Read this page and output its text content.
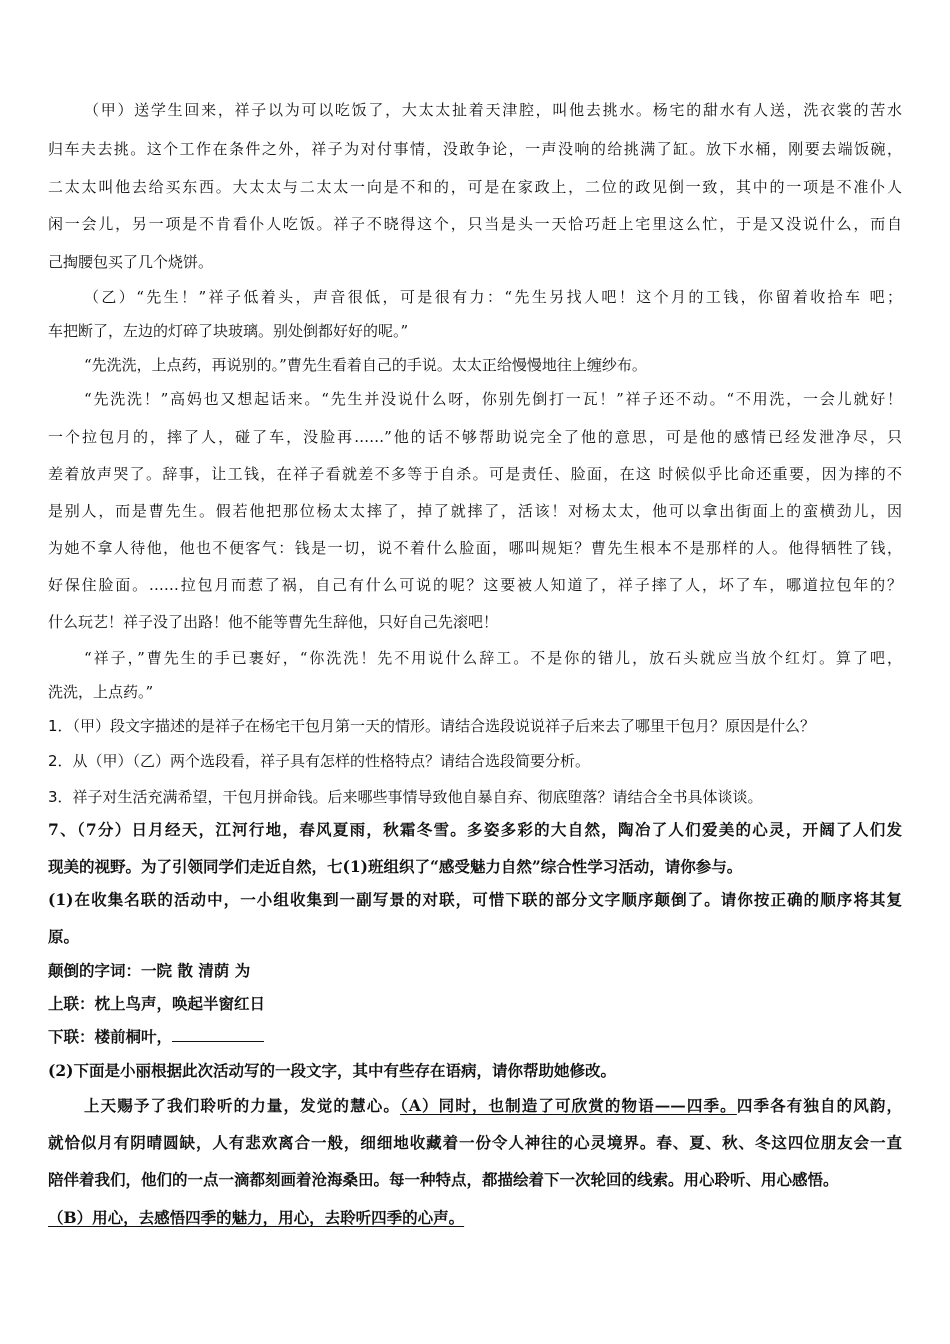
（甲）送学生回来，祥子以为可以吃饭了，大太太扯着天津腔，叫他去挑水。杨宅的甜水有人送，洗衣裳的苦水
归车夫去挑。这个工作在条件之外，祥子为对付事情，没敢争论，一声没响的给挑满了缸。放下水桶，刚要去端饭碗，
二太太叫他去给买东西。大太太与二太太一向是不和的，可是在家政上，二位的政见倒一致，其中的一项是不准仆人
闲一会儿，另一项是不肯看仆人吃饭。祥子不晓得这个，只当是头一天恰巧赶上宅里这么忙，于是又没说什么，而自
己掏腰包买了几个烧饼。
（乙）“先生！”祥子低着头，声音很低，可是很有力：“先生另找人吧！这个月的工钱，你留着收拾车 吧；
车把断了，左边的灯碎了块玻璃。别处倒都好好的呢。”
“先洗洗，上点药，再说别的。”曹先生看着自己的手说。太太正给慢慢地往上缠纱布。
“先洗洗！”高妈也又想起话来。“先生并没说什么呀，你别先倒打一瓦！”祥子还不动。“不用洗，一会儿就好！
一个拉包月的，摔了人，碰了车，没脸再……”他的话不够帮助说完全了他的意思，可是他的感情已经发泄净尽，只
差着放声哭了。辞事，让工钱，在祥子看就差不多等于自杀。可是责任、脸面，在这 时候似乎比命还重要，因为摔的不
是别人，而是曹先生。假若他把那位杨太太摔了，掉了就摔了，活该！对杨太太，他可以拿出街面上的蛮横劲儿，因
为她不拿人待他，他也不便客气：钱是一切，说不着什么脸面，哪叫规矩？曹先生根本不是那样的人。他得牺牲了钱，
好保住脸面。……拉包月而惹了祸，自己有什么可说的呢？这要被人知道了，祥子摔了人，坏了车，哪道拉包年的？
什么玩艺！祥子没了出路！他不能等曹先生辞他，只好自己先滚吧！
“祥子，”曹先生的手已裹好，“你洗洗！先不用说什么辞工。不是你的错儿，放石头就应当放个红灯。算了吧，
洗洗，上点药。”
1．（甲）段文字描述的是祥子在杨宅干包月第一天的情形。请结合选段说说祥子后来去了哪里干包月？原因是什么？
2．从（甲）（乙）两个选段看，祥子具有怎样的性格特点？请结合选段简要分析。
3．祥子对生活充满希望，干包月拼命钱。后来哪些事情导致他自暴自弃、彻底堕落？请结合全书具体谈谈。
7、（7分）日月经天，江河行地，春风夏雨，秋霜冬雪。多姿多彩的大自然，陶冶了人们爱美的心灵，开阔了人们发
现美的视野。为了引领同学们走近自然，七(1)班组织了“感受魅力自然”综合性学习活动，请你参与。
(1)在收集名联的活动中，一小组收集到一副写景的对联，可惜下联的部分文字顺序颠倒了。请你按正确的顺序将其复
原。
颠倒的字词：一院 散 清荫 为
上联：枕上鸟声，唤起半窗红日
下联：楼前桐叶，
(2)下面是小丽根据此次活动写的一段文字，其中有些存在语病，请你帮助她修改。
上天赐予了我们聆听的力量，发觉的慧心。（A）同时，也制造了可欣赏的物语——四季。四季各有独自的风韵，
就恰似月有阴晴圆缺，人有悲欢离合一般，细细地收藏着一份令人神往的心灵境界。春、夏、秋、冬这四位朋友会一直
陪伴着我们，他们的一点一滴都刻画着沧海桑田。每一种特点，都描绘着下一次轮回的线索。用心聆听、用心感悟。
（B）用心，去感悟四季的魅力，用心，去聆听四季的心声。
